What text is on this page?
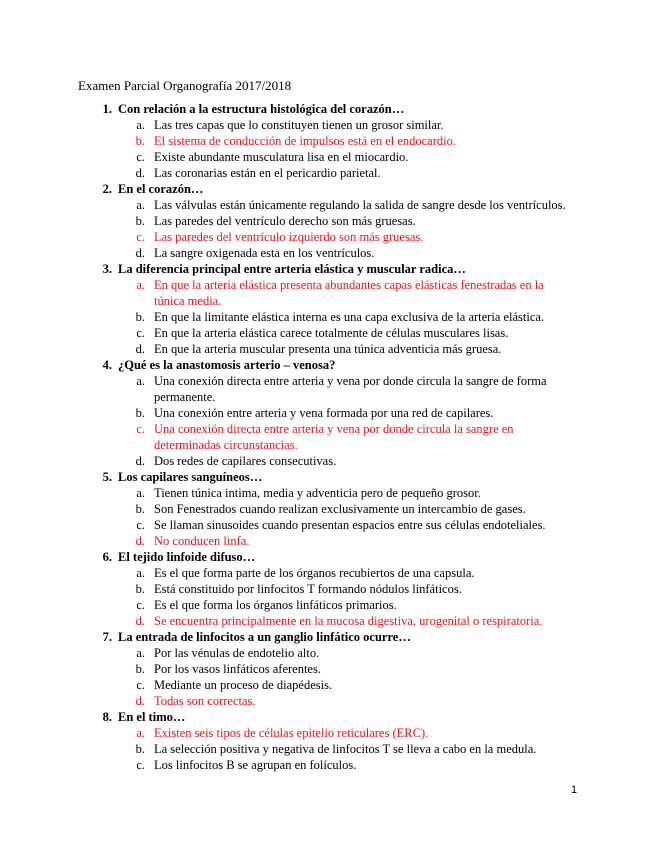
Examen Parcial Organografía 2017/2018
1. Con relación a la estructura histológica del corazón…
a. Las tres capas que lo constituyen tienen un grosor similar.
b. El sistema de conducción de impulsos está en el endocardio.
c. Existe abundante musculatura lisa en el miocardio.
d. Las coronarias están en el pericardio parietal.
2. En el corazón…
a. Las válvulas están únicamente regulando la salida de sangre desde los ventrículos.
b. Las paredes del ventrículo derecho son más gruesas.
c. Las paredes del ventrículo izquierdo son más gruesas.
d. La sangre oxigenada esta en los ventrículos.
3. La diferencia principal entre arteria elástica y muscular radica…
a. En que la arteria elástica presenta abundantes capas elásticas fenestradas en la túnica media.
b. En que la limitante elástica interna es una capa exclusiva de la arteria elástica.
c. En que la arteria elástica carece totalmente de células musculares lisas.
d. En que la arteria muscular presenta una túnica adventicia más gruesa.
4. ¿Qué es la anastomosis arterio – venosa?
a. Una conexión directa entre arteria y vena por donde circula la sangre de forma permanente.
b. Una conexión entre arteria y vena formada por una red de capilares.
c. Una conexión directa entre arteria y vena por donde circula la sangre en determinadas circunstancias.
d. Dos redes de capilares consecutivas.
5. Los capilares sanguíneos…
a. Tienen túnica intima, media y adventicia pero de pequeño grosor.
b. Son Fenestrados cuando realizan exclusivamente un intercambio de gases.
c. Se llaman sinusoides cuando presentan espacios entre sus células endoteliales.
d. No conducen linfa.
6. El tejido linfoide difuso…
a. Es el que forma parte de los órganos recubiertos de una capsula.
b. Está constituido por linfocitos T formando nódulos linfáticos.
c. Es el que forma los órganos linfáticos primarios.
d. Se encuentra principalmente en la mucosa digestiva, urogenital o respiratoria.
7. La entrada de linfocitos a un ganglio linfático ocurre…
a. Por las vénulas de endotelio alto.
b. Por los vasos linfáticos aferentes.
c. Mediante un proceso de diapédesis.
d. Todas son correctas.
8. En el timo…
a. Existen seis tipos de células epitelio reticulares (ERC).
b. La selección positiva y negativa de linfocitos T se lleva a cabo en la medula.
c. Los linfocitos B se agrupan en folículos.
1
